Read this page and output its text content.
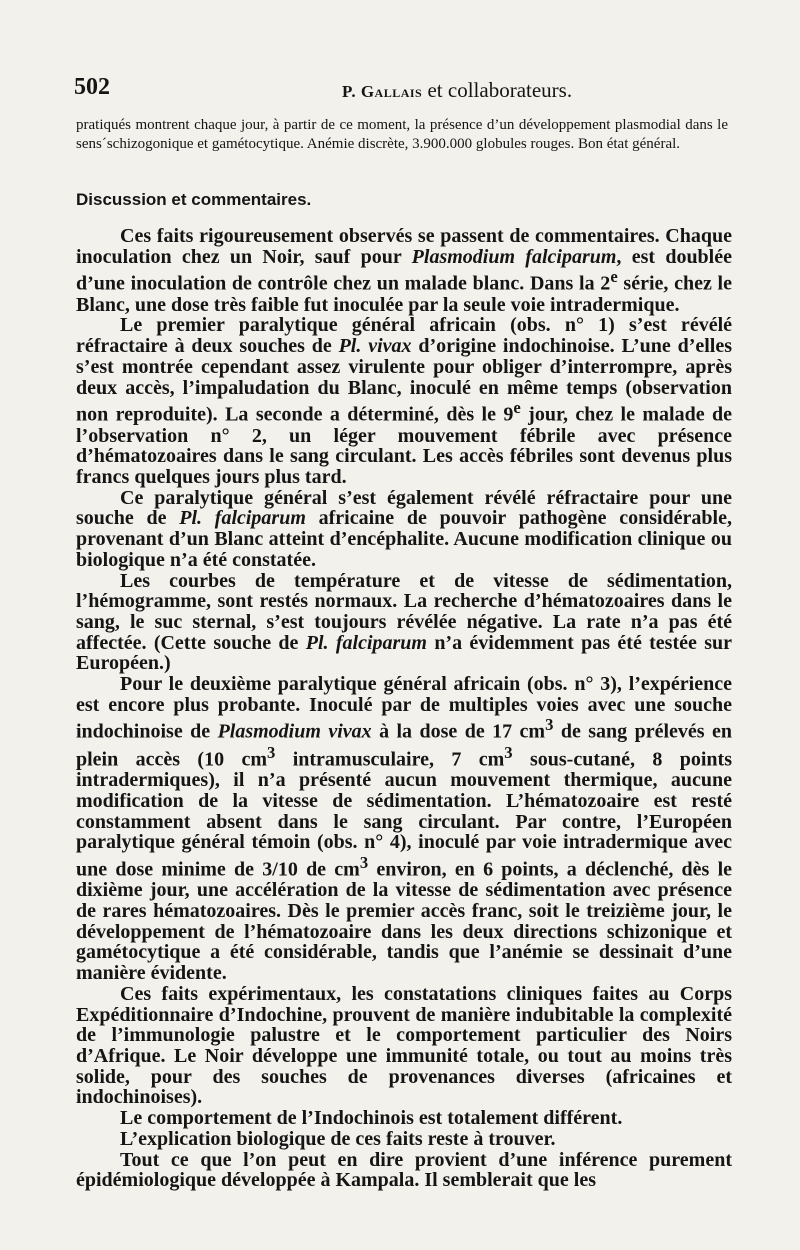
502	P. Gallais et collaborateurs.
pratiqués montrent chaque jour, à partir de ce moment, la présence d’un développement plasmodial dans le sensˊschizogonique et gamétocytique. Anémie discrète, 3.900.000 globules rouges. Bon état général.
Discussion et commentaires.

Ces faits rigoureusement observés se passent de commentaires. Chaque inoculation chez un Noir, sauf pour Plasmodium falciparum, est doublée d’une inoculation de contrôle chez un malade blanc. Dans la 2e série, chez le Blanc, une dose très faible fut inoculée par la seule voie intradermique.

Le premier paralytique général africain (obs. n° 1) s’est révélé réfractaire à deux souches de Pl. vivax d’origine indochinoise. L’une d’elles s’est montrée cependant assez virulente pour obliger d’interrompre, après deux accès, l’impaludation du Blanc, inoculé en même temps (observation non reproduite). La seconde a déterminé, dès le 9e jour, chez le malade de l’observation n° 2, un léger mouvement fébrile avec présence d’hématozoaires dans le sang circulant. Les accès fébriles sont devenus plus francs quelques jours plus tard.

Ce paralytique général s’est également révélé réfractaire pour une souche de Pl. falciparum africaine de pouvoir pathogène considérable, provenant d’un Blanc atteint d’encéphalite. Aucune modification clinique ou biologique n’a été constatée.

Les courbes de température et de vitesse de sédimentation, l’hémogramme, sont restés normaux. La recherche d’hématozoaires dans le sang, le suc sternal, s’est toujours révélée négative. La rate n’a pas été affectée. (Cette souche de Pl. falciparum n’a évidemment pas été testée sur Européen.)

Pour le deuxième paralytique général africain (obs. n° 3), l’expérience est encore plus probante. Inoculé par de multiples voies avec une souche indochinoise de Plasmodium vivax à la dose de 17 $cm^3$ de sang prélevés en plein accès (10 $cm^3$ intramusculaire, 7 $cm^3$ sous-cutané, 8 points intradermiques), il n’a présenté aucun mouvement thermique, aucune modification de la vitesse de sédimentation. L’hématozoaire est resté constamment absent dans le sang circulant. Par contre, l’Européen paralytique général témoin (obs. n° 4), inoculé par voie intradermique avec une dose minime de 3/10 de $cm^3$ environ, en 6 points, a déclenché, dès le dixième jour, une accélération de la vitesse de sédimentation avec présence de rares hématozoaires. Dès le premier accès franc, soit le treizième jour, le développement de l’hématozoaire dans les deux directions schizonique et gamétocytique a été considérable, tandis que l’anémie se dessinait d’une manière évidente.

Ces faits expérimentaux, les constatations cliniques faites au Corps Expéditionnaire d’Indochine, prouvent de manière indubitable la complexité de l’immunologie palustre et le comportement particulier des Noirs d’Afrique. Le Noir développe une immunité totale, ou tout au moins très solide, pour des souches de provenances diverses (africaines et indochinoises).

Le comportement de l’Indochinois est totalement différent.

L’explication biologique de ces faits reste à trouver.

Tout ce que l’on peut en dire provient d’une inférence purement épidémiologique développée à Kampala. Il semblerait que les
